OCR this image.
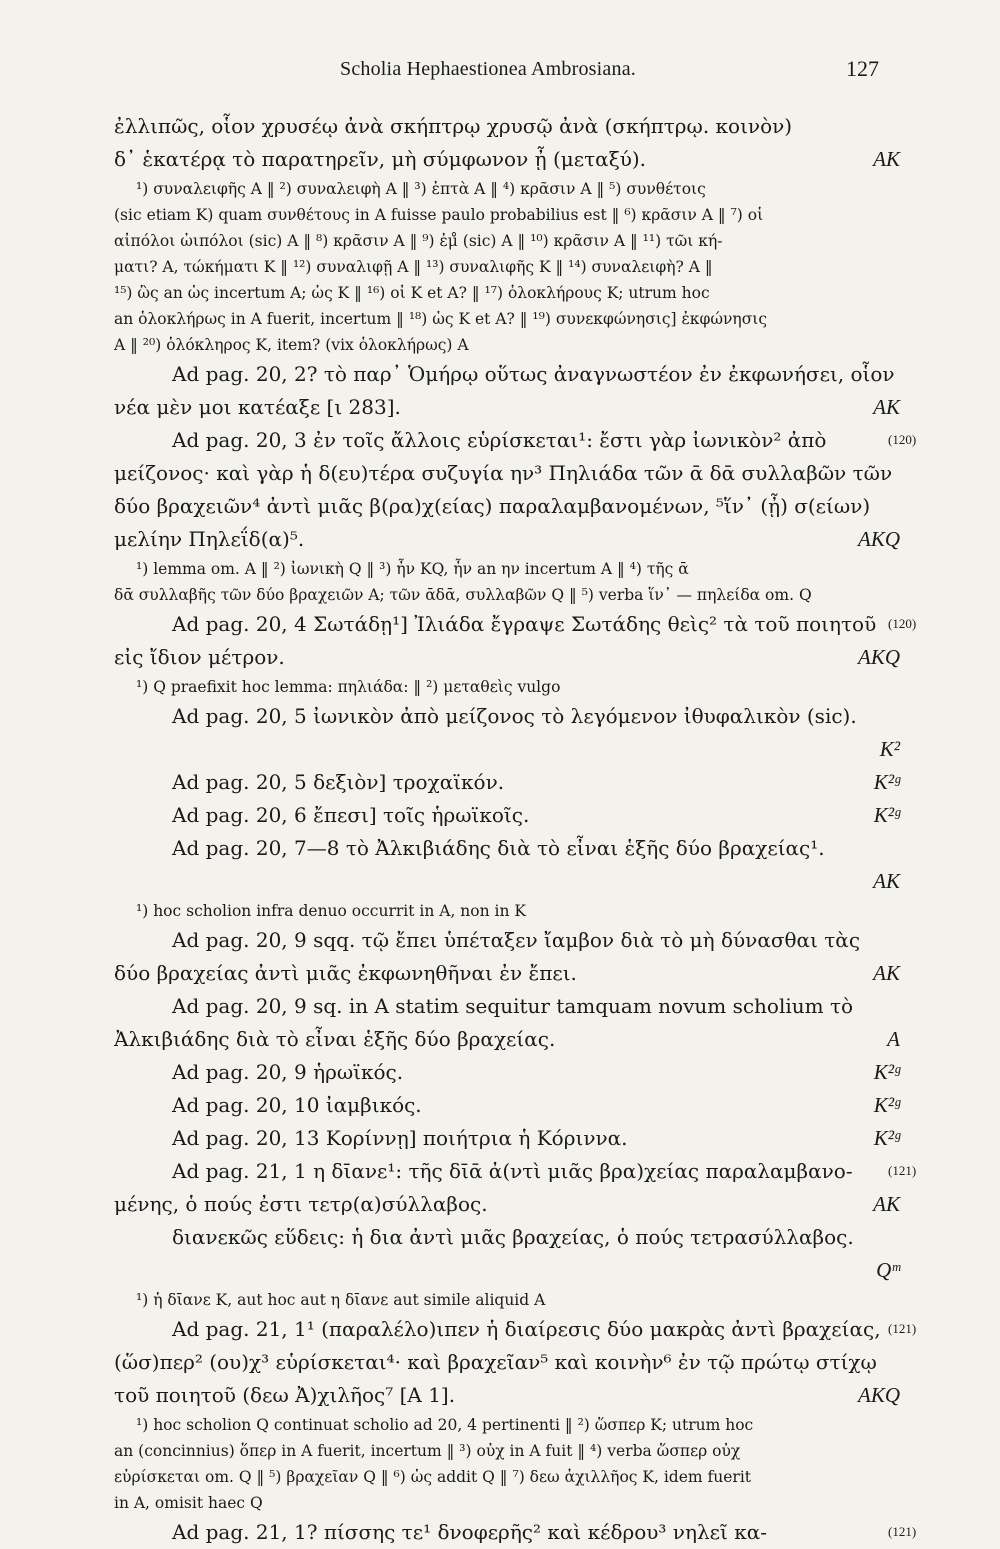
Scholia Hephaestionea Ambrosiana.	127
ἐλλιπῶς, οἷον χρυσέῳ ἀνὰ σκήπτρῳ χρυσῷ ἀνὰ (σκήπτρῳ. κοινὸν)
δ᾽ ἑκατέρᾳ τὸ παρατηρεῖν, μὴ σύμφωνον ᾖ (μεταξύ).	AK
¹) συναλειφῆς A ‖ ²) συναλειφὴ A ‖ ³) ἑπτὰ A ‖ ⁴) κρᾶσιν A ‖ ⁵) συνθέτοις
(sic etiam K) quam συνθέτους in A fuisse paulo probabilius est ‖ ⁶) κρᾶσιν A ‖ ⁷) οἱ
αἰπόλοι ὠιπόλοι (sic) A ‖ ⁸) κρᾶσιν A ‖ ⁹) ἐμ̊ (sic) A ‖ ¹⁰) κρᾶσιν A ‖ ¹¹) τῶι κή-
ματι? A, τώκήματι K ‖ ¹²) συναλιφῇ A ‖ ¹³) συναλιφῆς K ‖ ¹⁴) συναλειφὴ? A ‖
¹⁵) ὣς an ὡς incertum A; ὡς K ‖ ¹⁶) οἱ K et A? ‖ ¹⁷) ὁλοκλήρους K; utrum hoc
an ὁλοκλήρως in A fuerit, incertum ‖ ¹⁸) ὡς K et A? ‖ ¹⁹) συνεκφώνησις] ἐκφώνησις
A ‖ ²⁰) ὁλόκληρος K, item? (vix ὁλοκλήρως) A
Ad pag. 20, 2? τὸ παρ᾽ Ὁμήρῳ οὕτως ἀναγνωστέον ἐν ἐκφωνήσει, οἷον
νέα μὲν μοι κατέαξε [ι 283].	AK
Ad pag. 20, 3 ἐν τοῖς ἄλλοις εὑρίσκεται¹: ἔστι γὰρ ἰωνικὸν² ἀπὸ
μείζονος· καὶ γὰρ ἡ δ(ευ)τέρα συζυγία ην³ Πηλιάδα τῶν ᾱ δᾱ συλλαβῶν τῶν
δύο βραχειῶν⁴ ἀντὶ μιᾶς β(ρα)χ(είας) παραλαμβανομένων, ⁵ἵν᾽ (ᾖ) σ(είων)
μελίην Πηλεΐδ(α)⁵.	AKQ
¹) lemma om. A ‖ ²) ἰωνικὴ Q ‖ ³) ἦν KQ, ἦν an ην incertum A ‖ ⁴) τῆς ᾱ
δᾱ συλλαβῆς τῶν δύο βραχειῶν A; τῶν ᾱδᾱ, συλλαβῶν Q ‖ ⁵) verba ἵν᾽ — πηλείδα om. Q
Ad pag. 20, 4 Σωτάδῃ¹] Ἰλιάδα ἔγραψε Σωτάδης θεὶς² τὰ τοῦ ποιητοῦ
εἰς ἴδιον μέτρον.	AKQ
¹) Q praefixit hoc lemma: πηλιάδα: ‖ ²) μεταθεὶς vulgo
Ad pag. 20, 5 ἰωνικὸν ἀπὸ μείζονος τὸ λεγόμενον ἰθυφαλικὸν (sic).
K²
Ad pag. 20, 5 δεξιὸν] τροχαϊκόν.	K²ᵍ
Ad pag. 20, 6 ἔπεσι] τοῖς ἡρωϊκοῖς.	K²ᵍ
Ad pag. 20, 7—8 τὸ Ἀλκιβιάδης διὰ τὸ εἶναι ἑξῆς δύο βραχείας¹.
AK
¹) hoc scholion infra denuo occurrit in A, non in K
Ad pag. 20, 9 sqq. τῷ ἔπει ὑπέταξεν ἴαμβον διὰ τὸ μὴ δύνασθαι τὰς
δύο βραχείας ἀντὶ μιᾶς ἐκφωνηθῆναι ἐν ἔπει.	AK
Ad pag. 20, 9 sq. in A statim sequitur tamquam novum scholium τὸ
Ἀλκιβιάδης διὰ τὸ εἶναι ἑξῆς δύο βραχείας.	A
Ad pag. 20, 9 ἡρωϊκός.	K²ᵍ
Ad pag. 20, 10 ἰαμβικός.	K²ᵍ
Ad pag. 20, 13 Κορίννῃ] ποιήτρια ἡ Κόριννα.	K²ᵍ
Ad pag. 21, 1 η δῑανε¹: τῆς δῑᾱ ἀ(ντὶ μιᾶς βρα)χείας παραλαμβανο-
μένης, ὁ πούς ἐστι τετρ(α)σύλλαβος.	AK
διανεκῶς εὕδεις: ἡ δια ἀντὶ μιᾶς βραχείας, ὁ πούς τετρασύλλαβος.
Qᵐ
¹) ἡ δῑανε K, aut hoc aut η δῑανε aut simile aliquid A
Ad pag. 21, 1¹ (παραλέλο)ιπεν ἡ διαίρεσις δύο μακρὰς ἀντὶ βραχείας,
(ὥσ)περ² (ου)χ³ εὑρίσκεται⁴· καὶ βραχεῖαν⁵ καὶ κοινὴν⁶ ἐν τῷ πρώτῳ στίχῳ
τοῦ ποιητοῦ (δεω Ἀ)χιλῆος⁷ [A 1].	AKQ
¹) hoc scholion Q continuat scholio ad 20, 4 pertinenti ‖ ²) ὥσπερ K; utrum hoc
an (concinnius) ὅπερ in A fuerit, incertum ‖ ³) οὐχ in A fuit ‖ ⁴) verba ὥσπερ οὐχ
εὑρίσκεται om. Q ‖ ⁵) βραχεῖαν Q ‖ ⁶) ὡς addit Q ‖ ⁷) δεω ἀχιλλῆος K, idem fuerit
in A, omisit haec Q
Ad pag. 21, 1? πίσσης τε¹ δνοφερῆς² καὶ κέδρου³ νηλεῖ κα-
(120)
(120)
(121)
(121)
(121)
